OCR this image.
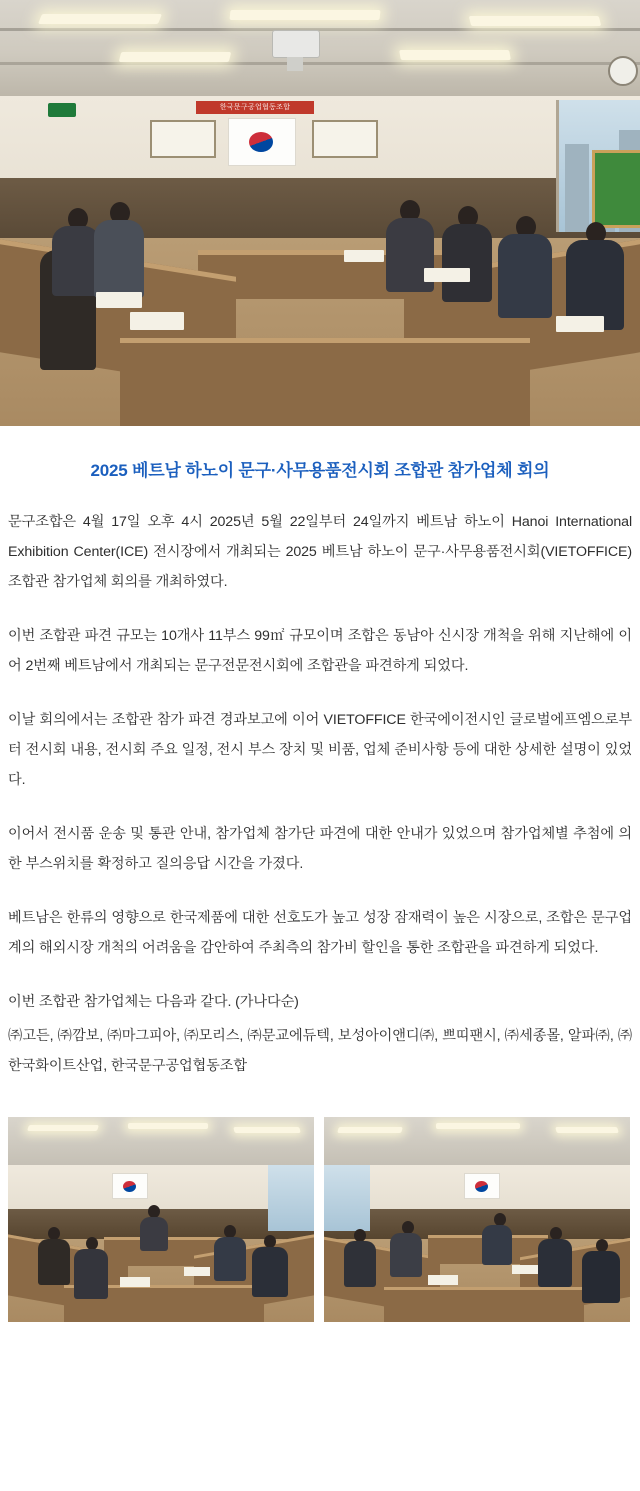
한국문구공업협동조합
2025 베트남 하노이 문구·사무용품전시회 조합관 참가업체 회의

문구조합은 4월 17일 오후 4시 2025년 5월 22일부터 24일까지 베트남 하노이 Hanoi International Exhibition Center(ICE) 전시장에서 개최되는 2025 베트남 하노이 문구·사무용품전시회(VIETOFFICE) 조합관 참가업체 회의를 개최하였다.

이번 조합관 파견 규모는 10개사 11부스 99㎡ 규모이며 조합은 동남아 신시장 개척을 위해 지난해에 이어 2번째 베트남에서 개최되는 문구전문전시회에 조합관을 파견하게 되었다.

이날 회의에서는 조합관 참가 파견 경과보고에 이어 VIETOFFICE 한국에이전시인 글로벌에프엠으로부터 전시회 내용, 전시회 주요 일정, 전시 부스 장치 및 비품, 업체 준비사항 등에 대한 상세한 설명이 있었다.

이어서 전시품 운송 및 통관 안내, 참가업체 참가단 파견에 대한 안내가 있었으며 참가업체별 추첨에 의한 부스위치를 확정하고 질의응답 시간을 가졌다.

베트남은 한류의 영향으로 한국제품에 대한 선호도가 높고 성장 잠재력이 높은 시장으로, 조합은 문구업계의 해외시장 개척의 어려움을 감안하여 주최측의 참가비 할인을 통한 조합관을 파견하게 되었다.

이번 조합관 참가업체는 다음과 같다. (가나다순)

㈜고든, ㈜깜보, ㈜마그피아, ㈜모리스, ㈜문교에듀텍, 보성아이앤디㈜, 쁘띠팬시, ㈜세종몰, 알파㈜, ㈜한국화이트산업, 한국문구공업협동조합
